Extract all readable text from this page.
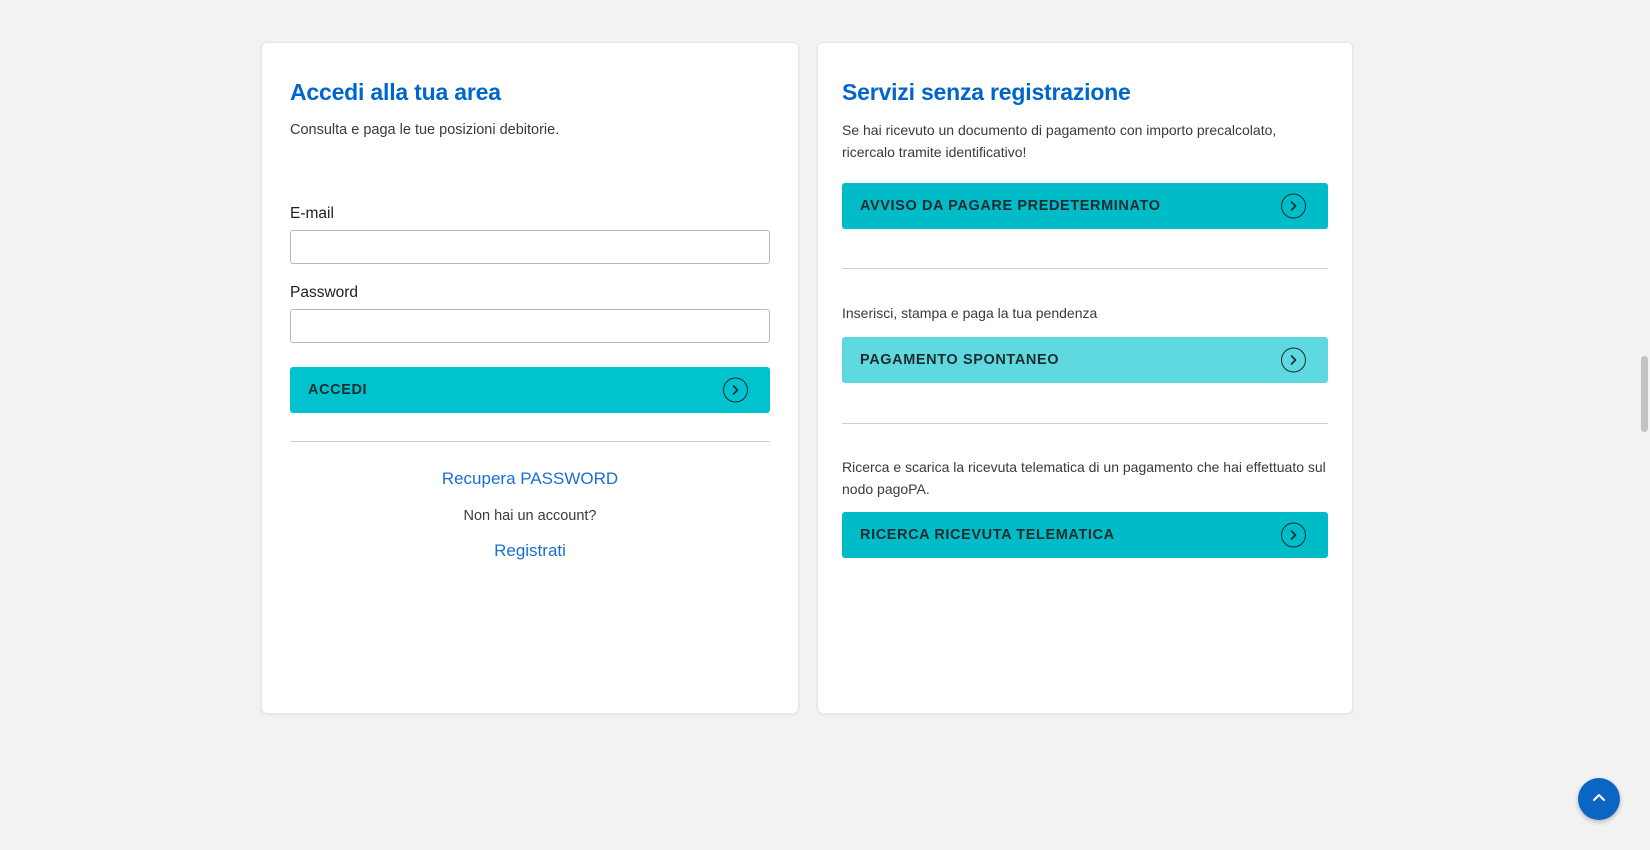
Accedi alla tua area

Consulta e paga le tue posizioni debitorie.

E-mail
Password
ACCEDI
Recupera PASSWORD
Non hai un account?
Registrati
Servizi senza registrazione

Se hai ricevuto un documento di pagamento con importo precalcolato, ricercalo tramite identificativo!

AVVISO DA PAGARE PREDETERMINATO

Inserisci, stampa e paga la tua pendenza

PAGAMENTO SPONTANEO

Ricerca e scarica la ricevuta telematica di un pagamento che hai effettuato sul nodo pagoPA.

RICERCA RICEVUTA TELEMATICA
